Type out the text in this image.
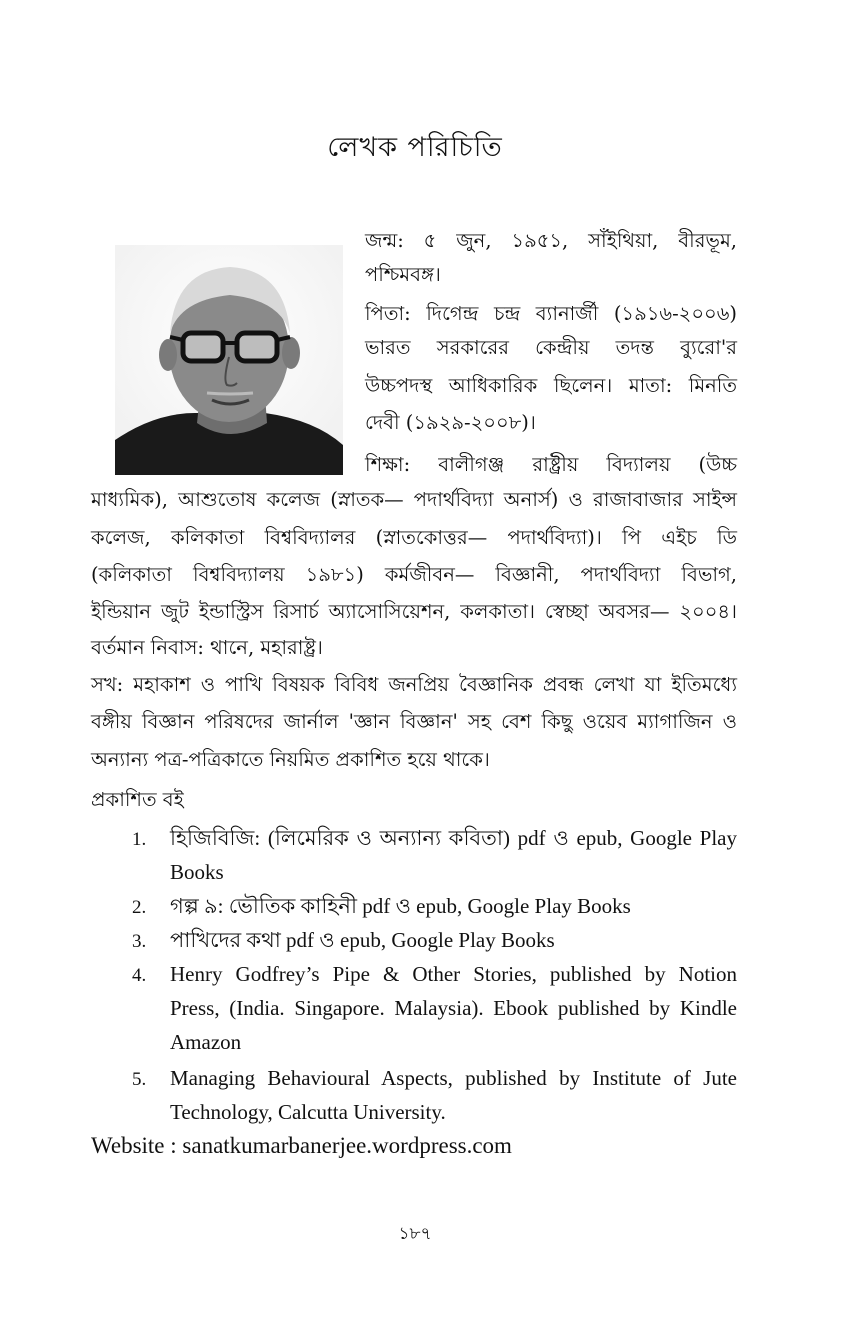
লেখক পরিচিতি
জন্ম: ৫ জুন, ১৯৫১, সাঁইথিয়া, বীরভূম,
পশ্চিমবঙ্গ।
পিতা: দিগেন্দ্র চন্দ্র ব্যানার্জী (১৯১৬-২০০৬)
ভারত সরকারের কেন্দ্রীয় তদন্ত ব্যুরো'র
উচ্চপদস্থ আধিকারিক ছিলেন। মাতা: মিনতি
দেবী (১৯২৯-২০০৮)।
শিক্ষা: বালীগঞ্জ রাষ্ট্রীয় বিদ্যালয় (উচ্চ
মাধ্যমিক), আশুতোষ কলেজ (স্নাতক— পদার্থবিদ্যা অনার্স) ও রাজাবাজার সাইন্স
কলেজ, কলিকাতা বিশ্ববিদ্যালর (স্নাতকোত্তর— পদার্থবিদ্যা)। পি এইচ ডি
(কলিকাতা বিশ্ববিদ্যালয় ১৯৮১) কর্মজীবন— বিজ্ঞানী, পদার্থবিদ্যা বিভাগ,
ইন্ডিয়ান জুট ইন্ডাস্ট্রিস রিসার্চ অ্যাসোসিয়েশন, কলকাতা। স্বেচ্ছা অবসর— ২০০৪।
বর্তমান নিবাস: থানে, মহারাষ্ট্র।
সখ: মহাকাশ ও পাখি বিষয়ক বিবিধ জনপ্রিয় বৈজ্ঞানিক প্রবন্ধ লেখা যা ইতিমধ্যে
বঙ্গীয় বিজ্ঞান পরিষদের জার্নাল 'জ্ঞান বিজ্ঞান' সহ বেশ কিছু ওয়েব ম্যাগাজিন ও
অন্যান্য পত্র-পত্রিকাতে নিয়মিত প্রকাশিত হয়ে থাকে।
প্রকাশিত বই
1. হিজিবিজি: (লিমেরিক ও অন্যান্য কবিতা) pdf ও epub, Google Play
Books
2. গল্প ৯: ভৌতিক কাহিনী pdf ও epub, Google Play Books
3. পাখিদের কথা pdf ও epub, Google Play Books
4. Henry Godfrey’s Pipe & Other Stories, published by Notion
Press, (India. Singapore. Malaysia). Ebook published by Kindle
Amazon
5. Managing Behavioural Aspects, published by Institute of Jute
Technology, Calcutta University.
Website : sanatkumarbanerjee.wordpress.com
১৮৭
